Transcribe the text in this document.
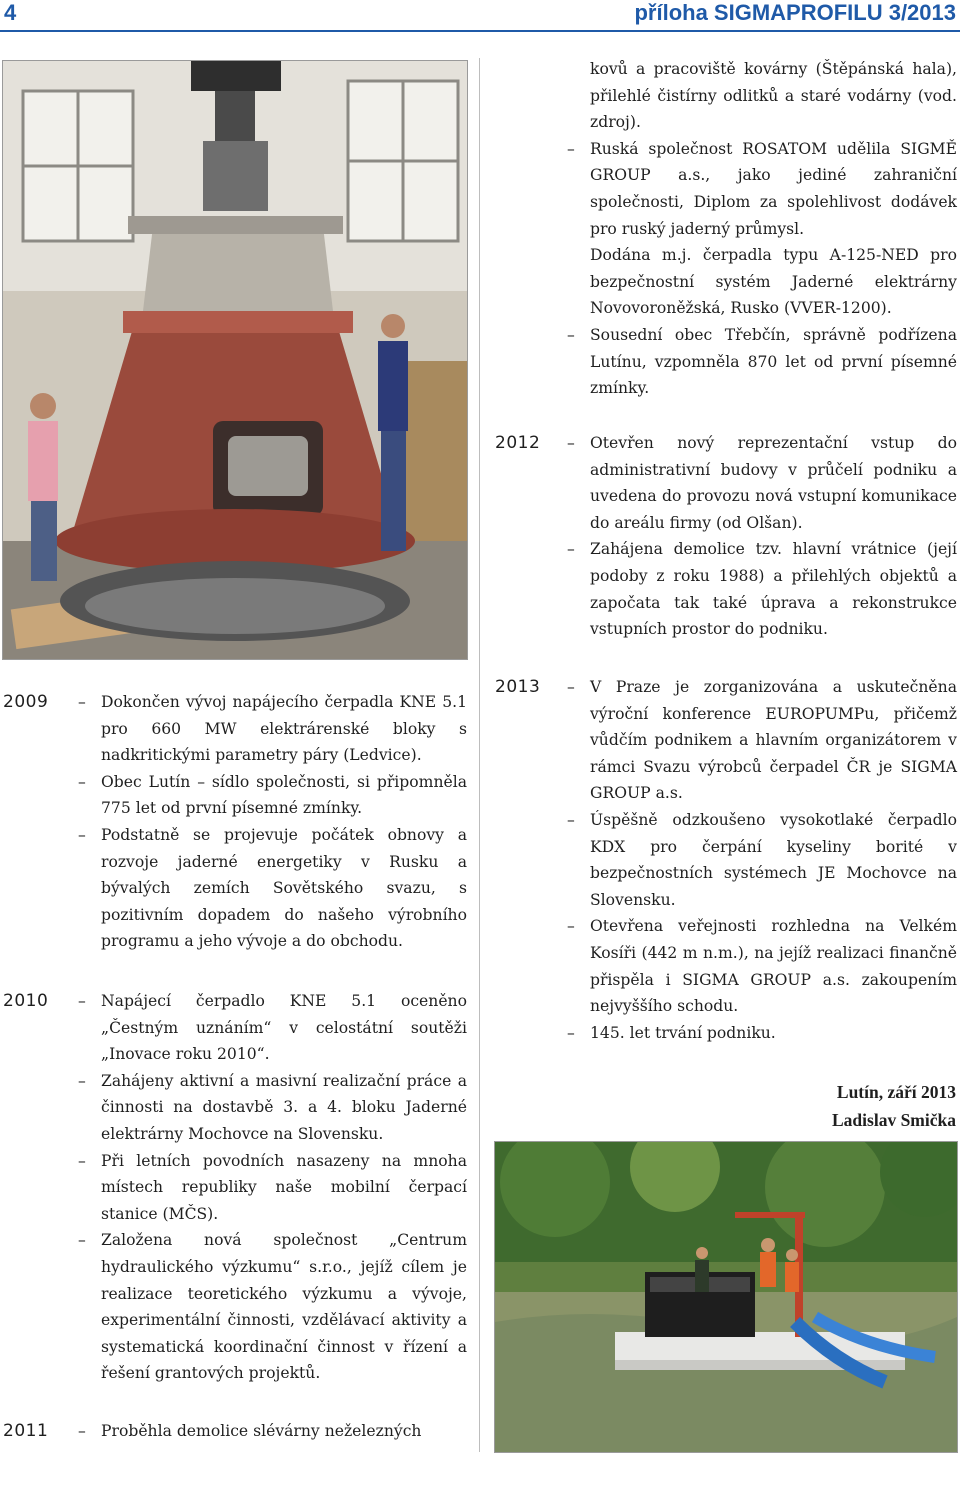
4	příloha SIGMAPROFILU 3/2013
kovů a pracoviště kovárny (Štěpánská hala), přilehlé čistírny odlitků a staré vodárny (vod. zdroj).
– Ruská společnost ROSATOM udělila SIGMĚ GROUP a.s., jako jediné zahraniční společnosti, Diplom za spolehlivost dodávek pro ruský jaderný průmysl.
Dodána m.j. čerpadla typu A-125-NED pro bezpečnostní systém Jaderné elektrárny Novovoroněžská, Rusko (VVER-1200).
– Sousední obec Třebčín, správně podřízena Lutínu, vzpomněla 870 let od první písemné zmínky.
2012 – Otevřen nový reprezentační vstup do administrativní budovy v průčelí podniku a uvedena do provozu nová vstupní komunikace do areálu firmy (od Olšan).
– Zahájena demolice tzv. hlavní vrátnice (její podoby z roku 1988) a přilehlých objektů a započata tak také úprava a rekonstrukce vstupních prostor do podniku.
2013 – V Praze je zorganizována a uskutečněna výroční konference EUROPUMPu, přičemž vůdčím podnikem a hlavním organizátorem v rámci Svazu výrobců čerpadel ČR je SIGMA GROUP a.s.
– Úspěšně odzkoušeno vysokotlaké čerpadlo KDX pro čerpání kyseliny borité v bezpečnostních systémech JE Mochovce na Slovensku.
– Otevřena veřejnosti rozhledna na Velkém Kosíři (442 m n.m.), na jejíž realizaci finančně přispěla i SIGMA GROUP a.s. zakoupením nejvyššího schodu.
– 145. let trvání podniku.
Lutín, září 2013
Ladislav Smička
2009 – Dokončen vývoj napájecího čerpadla KNE 5.1 pro 660 MW elektrárenské bloky s nadkritickými parametry páry (Ledvice).
– Obec Lutín – sídlo společnosti, si připomněla 775 let od první písemné zmínky.
– Podstatně se projevuje počátek obnovy a rozvoje jaderné energetiky v Rusku a bývalých zemích Sovětského svazu, s pozitivním dopadem do našeho výrobního programu a jeho vývoje a do obchodu.
2010 – Napájecí čerpadlo KNE 5.1 oceněno „Čestným uznáním“ v celostátní soutěži „Inovace roku 2010“.
– Zahájeny aktivní a masivní realizační práce a činnosti na dostavbě 3. a 4. bloku Jaderné elektrárny Mochovce na Slovensku.
– Při letních povodních nasazeny na mnoha místech republiky naše mobilní čerpací stanice (MČS).
– Založena nová společnost „Centrum hydraulického výzkumu“ s.r.o., jejíž cílem je realizace teoretického výzkumu a vývoje, experimentální činnosti, vzdělávací aktivity a systematická koordinační činnost v řízení a řešení grantových projektů.
2011 – Proběhla demolice slévárny neželezných
